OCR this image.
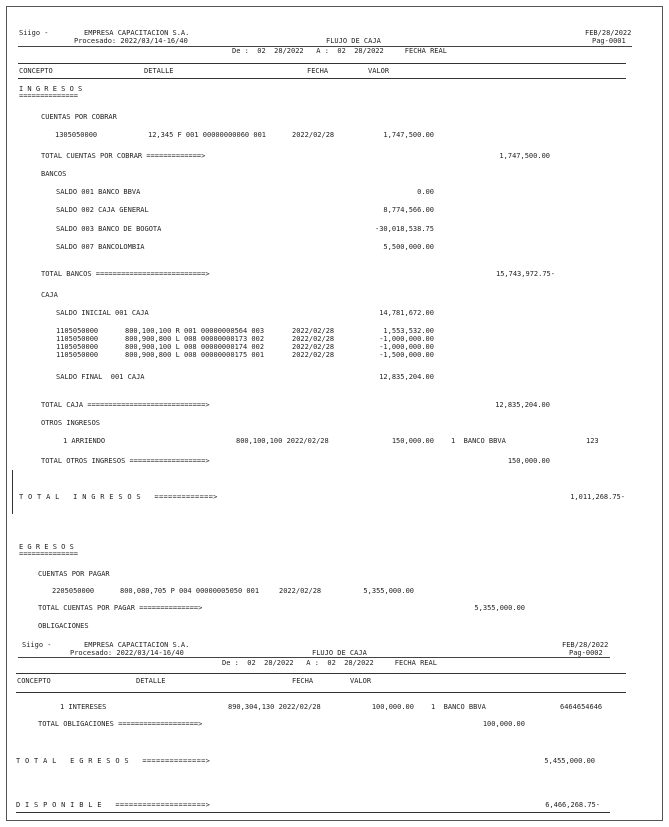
Siigo -	EMPRESA CAPACITACION S.A.	FEB/28/2022
Procesado: 2022/03/14-16/40	FLUJO DE CAJA	Pag-0001
De :  02  28/2022   A :  02  28/2022     FECHA REAL
CONCEPTO	DETALLE	FECHA	VALOR
I N G R E S O S
==============
CUENTAS POR COBRAR
1305050000	12,345 F 001 00000000060 001	2022/02/28	1,747,500.00
TOTAL CUENTAS POR COBRAR =============>	1,747,500.00
BANCOS
SALDO 001 BANCO BBVA	0.00
SALDO 002 CAJA GENERAL	8,774,566.00
SALDO 003 BANCO DE BOGOTA	-30,018,538.75
SALDO 007 BANCOLOMBIA	5,500,000.00
TOTAL BANCOS ==========================>	15,743,972.75-
CAJA
SALDO INICIAL 001 CAJA	14,781,672.00
1105050000	800,100,100 R 001 00000000564 003	2022/02/28	1,553,532.00
1105050000	800,900,800 L 008 00000000173 002	2022/02/28	-1,000,000.00
1105050000	800,900,100 L 008 00000000174 002	2022/02/28	-1,000,000.00
1105050000	800,900,800 L 008 00000000175 001	2022/02/28	-1,500,000.00
SALDO FINAL  001 CAJA	12,835,204.00
TOTAL CAJA ============================>	12,835,204.00
OTROS INGRESOS
1 ARRIENDO	800,100,100 2022/02/28	150,000.00 1  BANCO BBVA	123
TOTAL OTROS INGRESOS ==================>	150,000.00
T O T A L   I N G R E S O S   =============>	1,011,268.75-
E G R E S O S
==============
CUENTAS POR PAGAR
2205050000	800,080,705 P 004 00000005050 001	2022/02/28	5,355,000.00
TOTAL CUENTAS POR PAGAR ==============>	5,355,000.00
OBLIGACIONES
Siigo -	EMPRESA CAPACITACION S.A.	FEB/28/2022
Procesado: 2022/03/14-16/40	FLUJO DE CAJA	Pag-0002
De :  02  28/2022   A :  02  28/2022     FECHA REAL
CONCEPTO	DETALLE	FECHA	VALOR
1 INTERESES	890,304,130 2022/02/28	100,000.00 1  BANCO BBVA	6464654646
TOTAL OBLIGACIONES ===================>	100,000.00
T O T A L   E G R E S O S   ==============>	5,455,000.00
D I S P O N I B L E   ====================>	6,466,268.75-
